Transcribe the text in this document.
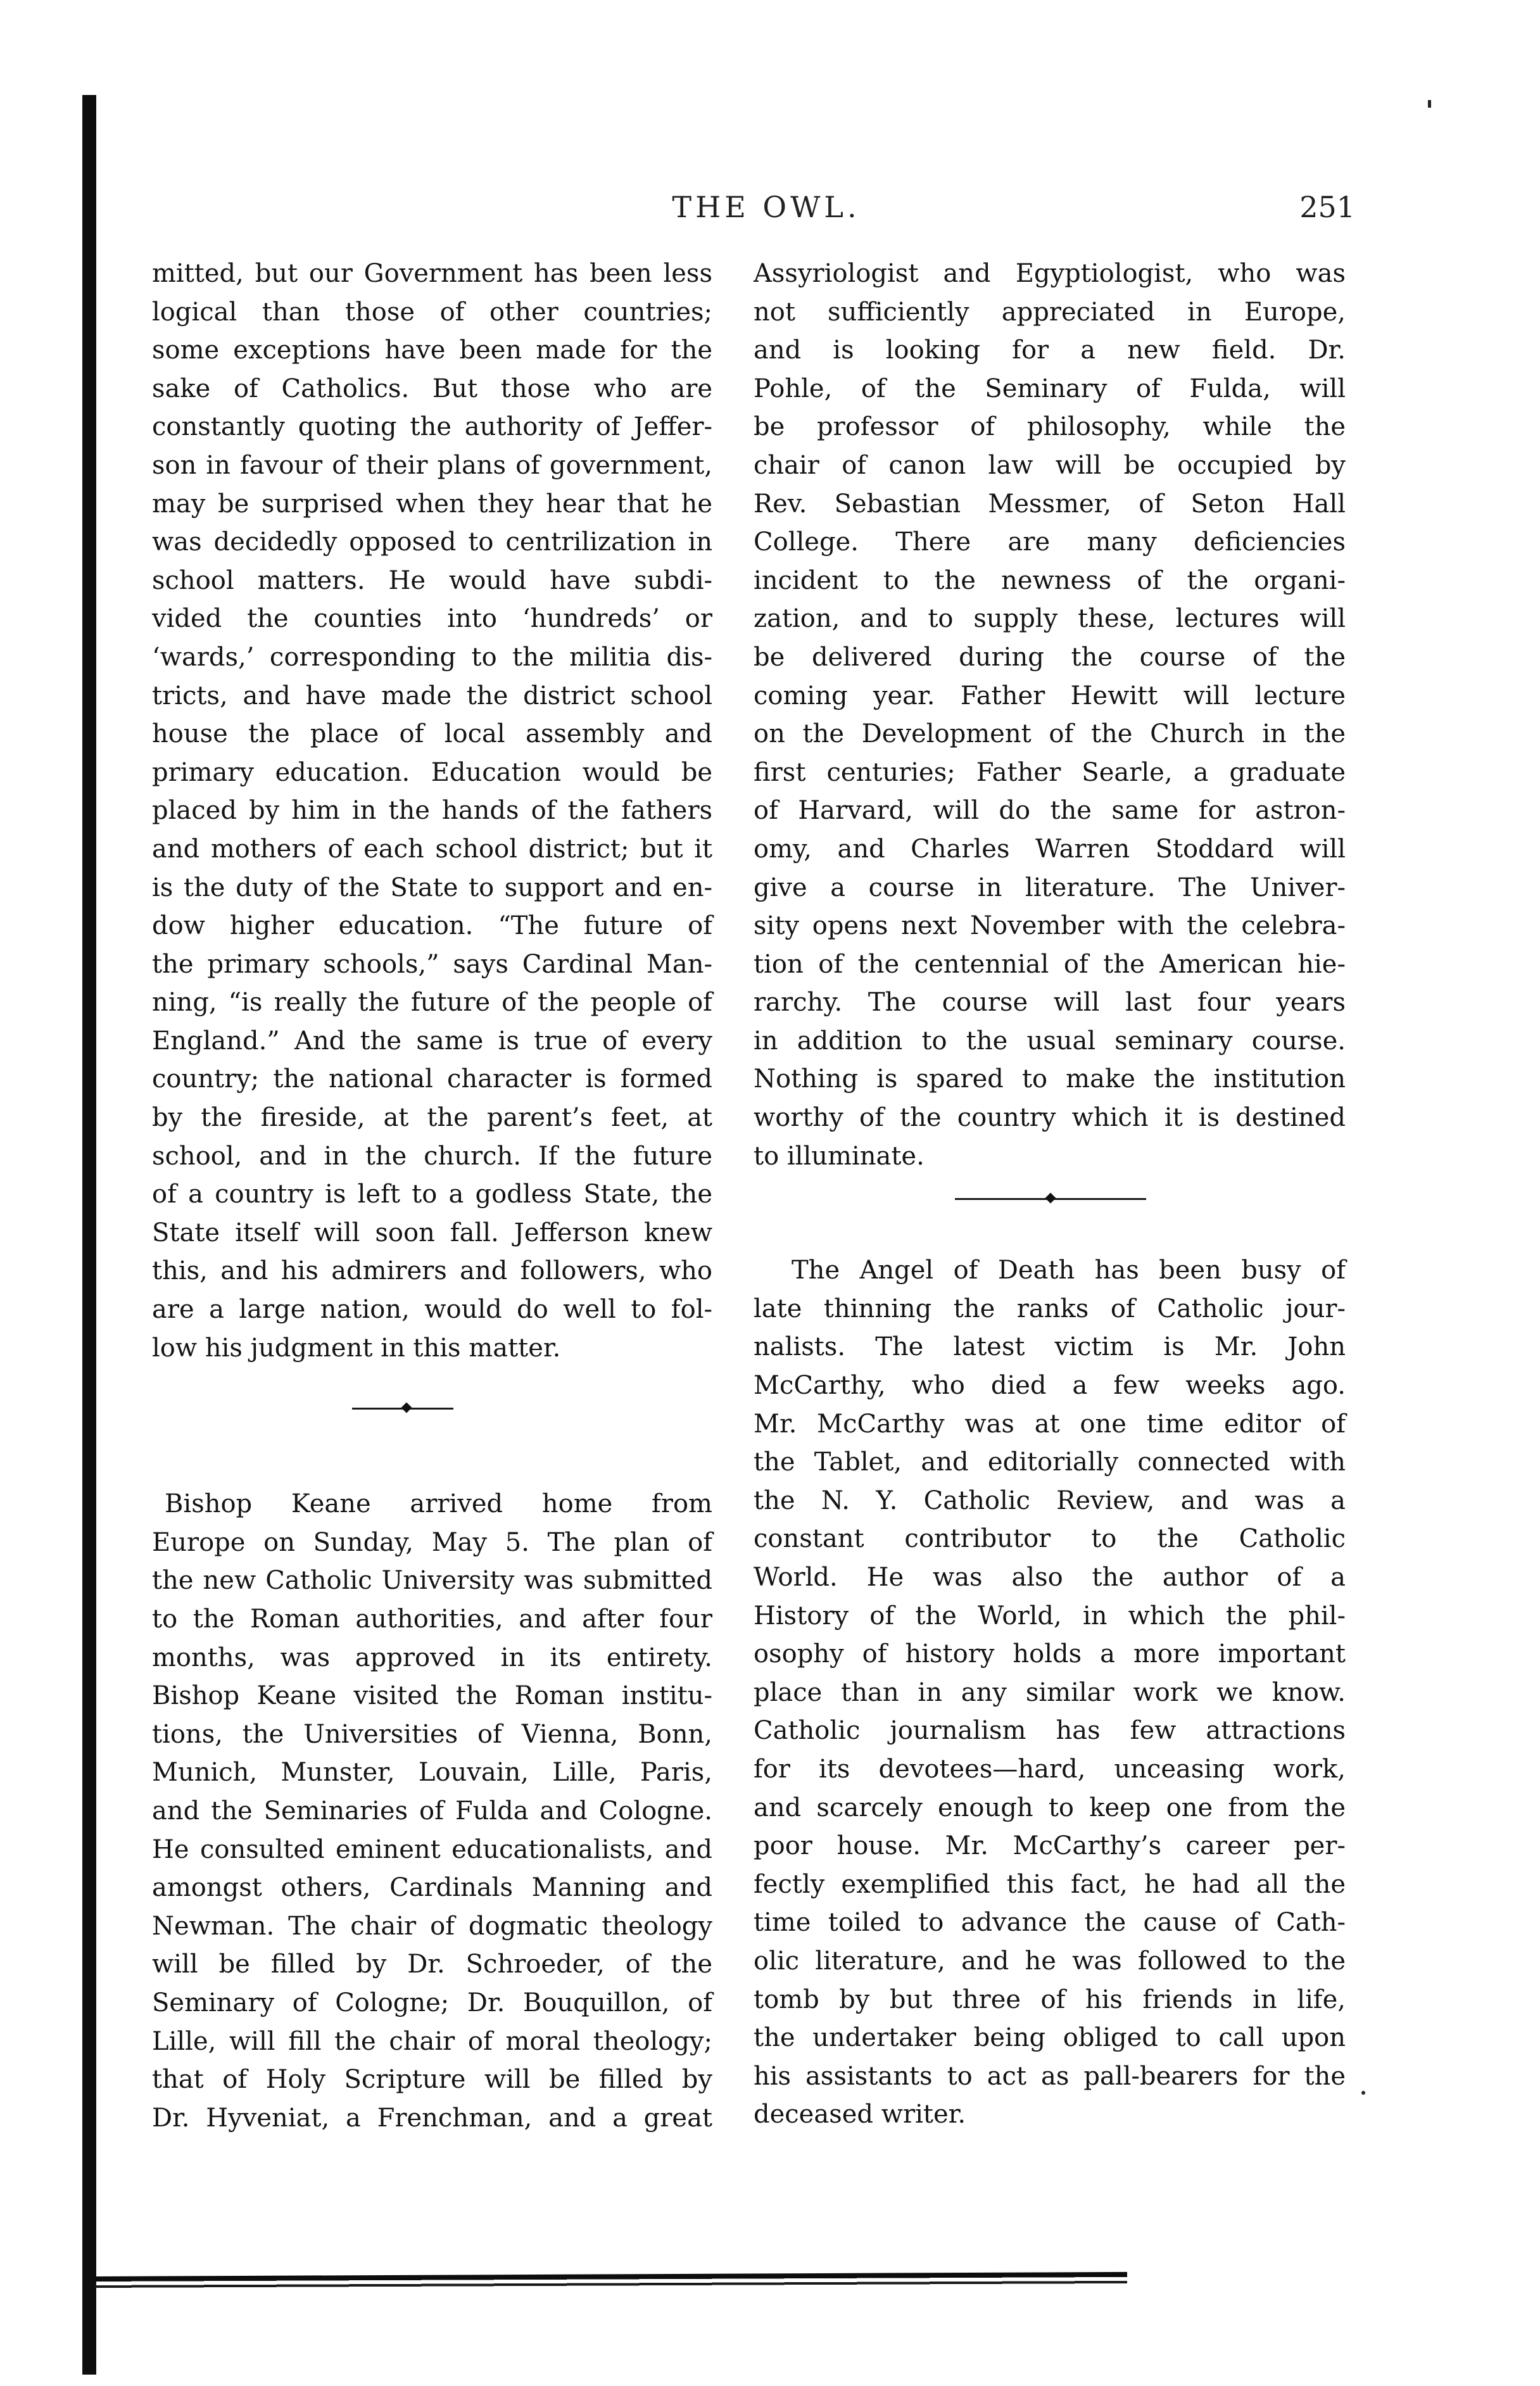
THE OWL.	251
mitted, but our Government has been less
logical than those of other countries;
some exceptions have been made for the
sake of Catholics. But those who are
constantly quoting the authority of Jeffer-
son in favour of their plans of government,
may be surprised when they hear that he
was decidedly opposed to centrilization in
school matters. He would have subdi-
vided the counties into ‘hundreds’ or
‘wards,’ corresponding to the militia dis-
tricts, and have made the district school
house the place of local assembly and
primary education. Education would be
placed by him in the hands of the fathers
and mothers of each school district; but it
is the duty of the State to support and en-
dow higher education. “The future of
the primary schools,” says Cardinal Man-
ning, “is really the future of the people of
England.” And the same is true of every
country; the national character is formed
by the fireside, at the parent’s feet, at
school, and in the church. If the future
of a country is left to a godless State, the
State itself will soon fall. Jefferson knew
this, and his admirers and followers, who
are a large nation, would do well to fol-
low his judgment in this matter.
Bishop Keane arrived home from
Europe on Sunday, May 5. The plan of
the new Catholic University was submitted
to the Roman authorities, and after four
months, was approved in its entirety.
Bishop Keane visited the Roman institu-
tions, the Universities of Vienna, Bonn,
Munich, Munster, Louvain, Lille, Paris,
and the Seminaries of Fulda and Cologne.
He consulted eminent educationalists, and
amongst others, Cardinals Manning and
Newman. The chair of dogmatic theology
will be filled by Dr. Schroeder, of the
Seminary of Cologne; Dr. Bouquillon, of
Lille, will fill the chair of moral theology;
that of Holy Scripture will be filled by
Dr. Hyveniat, a Frenchman, and a great
Assyriologist and Egyptiologist, who was
not sufficiently appreciated in Europe,
and is looking for a new field. Dr.
Pohle, of the Seminary of Fulda, will
be professor of philosophy, while the
chair of canon law will be occupied by
Rev. Sebastian Messmer, of Seton Hall
College. There are many deficiencies
incident to the newness of the organi-
zation, and to supply these, lectures will
be delivered during the course of the
coming year. Father Hewitt will lecture
on the Development of the Church in the
first centuries; Father Searle, a graduate
of Harvard, will do the same for astron-
omy, and Charles Warren Stoddard will
give a course in literature. The Univer-
sity opens next November with the celebra-
tion of the centennial of the American hie-
rarchy. The course will last four years
in addition to the usual seminary course.
Nothing is spared to make the institution
worthy of the country which it is destined
to illuminate.
The Angel of Death has been busy of
late thinning the ranks of Catholic jour-
nalists. The latest victim is Mr. John
McCarthy, who died a few weeks ago.
Mr. McCarthy was at one time editor of
the Tablet, and editorially connected with
the N. Y. Catholic Review, and was a
constant contributor to the Catholic
World. He was also the author of a
History of the World, in which the phil-
osophy of history holds a more important
place than in any similar work we know.
Catholic journalism has few attractions
for its devotees—hard, unceasing work,
and scarcely enough to keep one from the
poor house. Mr. McCarthy’s career per-
fectly exemplified this fact, he had all the
time toiled to advance the cause of Cath-
olic literature, and he was followed to the
tomb by but three of his friends in life,
the undertaker being obliged to call upon
his assistants to act as pall-bearers for the
deceased writer.
